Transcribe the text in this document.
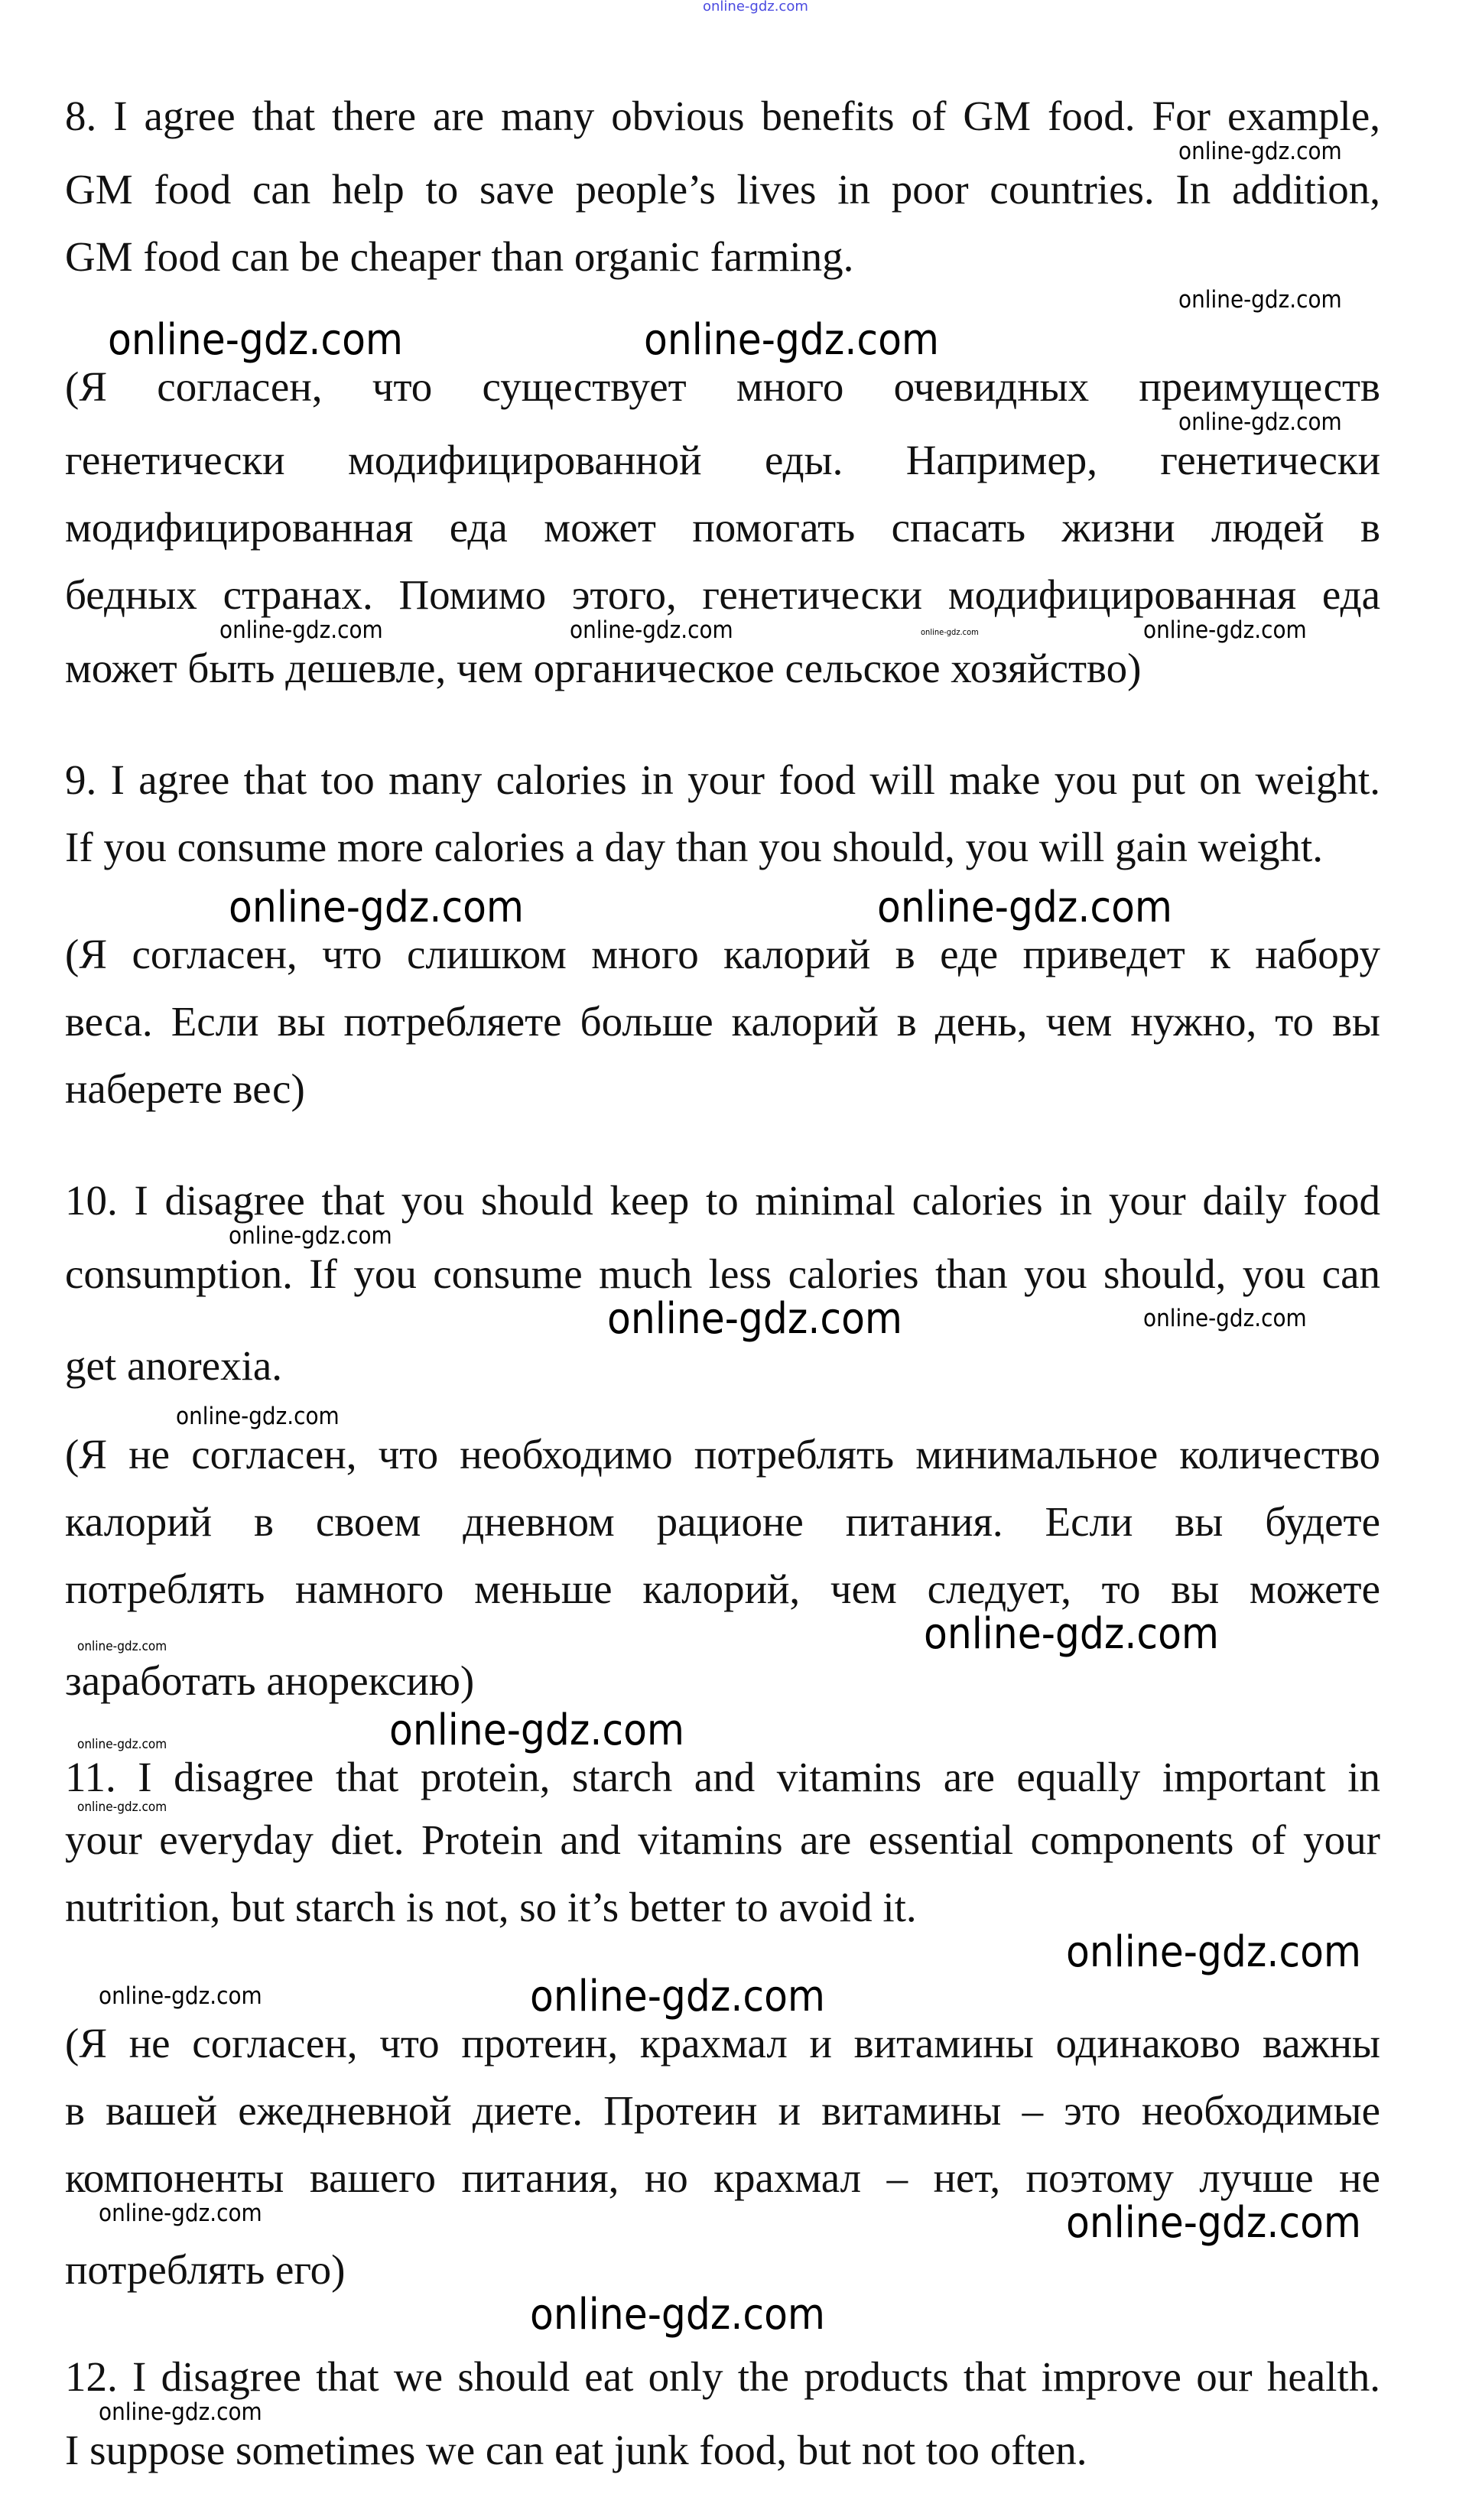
online-gdz.com
8. I agree that there are many obvious benefits of GM food. For example,
online-gdz.com
GM food can help to save people’s lives in poor countries. In addition,
GM food can be cheaper than organic farming.
online-gdz.com
online-gdz.com	online-gdz.com
(Я согласен, что существует много очевидных преимуществ
online-gdz.com
генетически модифицированной еды. Например, генетически
модифицированная еда может помогать спасать жизни людей в
бедных странах. Помимо этого, генетически модифицированная еда
online-gdz.com	online-gdz.com	online-gdz.com	online-gdz.com
может быть дешевле, чем органическое сельское хозяйство)
9. I agree that too many calories in your food will make you put on weight.
If you consume more calories a day than you should, you will gain weight.
online-gdz.com	online-gdz.com
(Я согласен, что слишком много калорий в еде приведет к набору
веса. Если вы потребляете больше калорий в день, чем нужно, то вы
наберете вес)
10. I disagree that you should keep to minimal calories in your daily food
online-gdz.com
consumption. If you consume much less calories than you should, you can
online-gdz.com	online-gdz.com
get anorexia.
online-gdz.com
(Я не согласен, что необходимо потреблять минимальное количество
калорий в своем дневном рационе питания. Если вы будете
потреблять намного меньше калорий, чем следует, то вы можете
online-gdz.com	online-gdz.com
заработать анорексию)
online-gdz.com
online-gdz.com
11. I disagree that protein, starch and vitamins are equally important in
online-gdz.com
your everyday diet. Protein and vitamins are essential components of your
nutrition, but starch is not, so it’s better to avoid it.
online-gdz.com
online-gdz.com	online-gdz.com
(Я не согласен, что протеин, крахмал и витамины одинаково важны
в вашей ежедневной диете. Протеин и витамины – это необходимые
компоненты вашего питания, но крахмал – нет, поэтому лучше не
online-gdz.com	online-gdz.com
потреблять его)
online-gdz.com
12. I disagree that we should eat only the products that improve our health.
online-gdz.com
I suppose sometimes we can eat junk food, but not too often.
